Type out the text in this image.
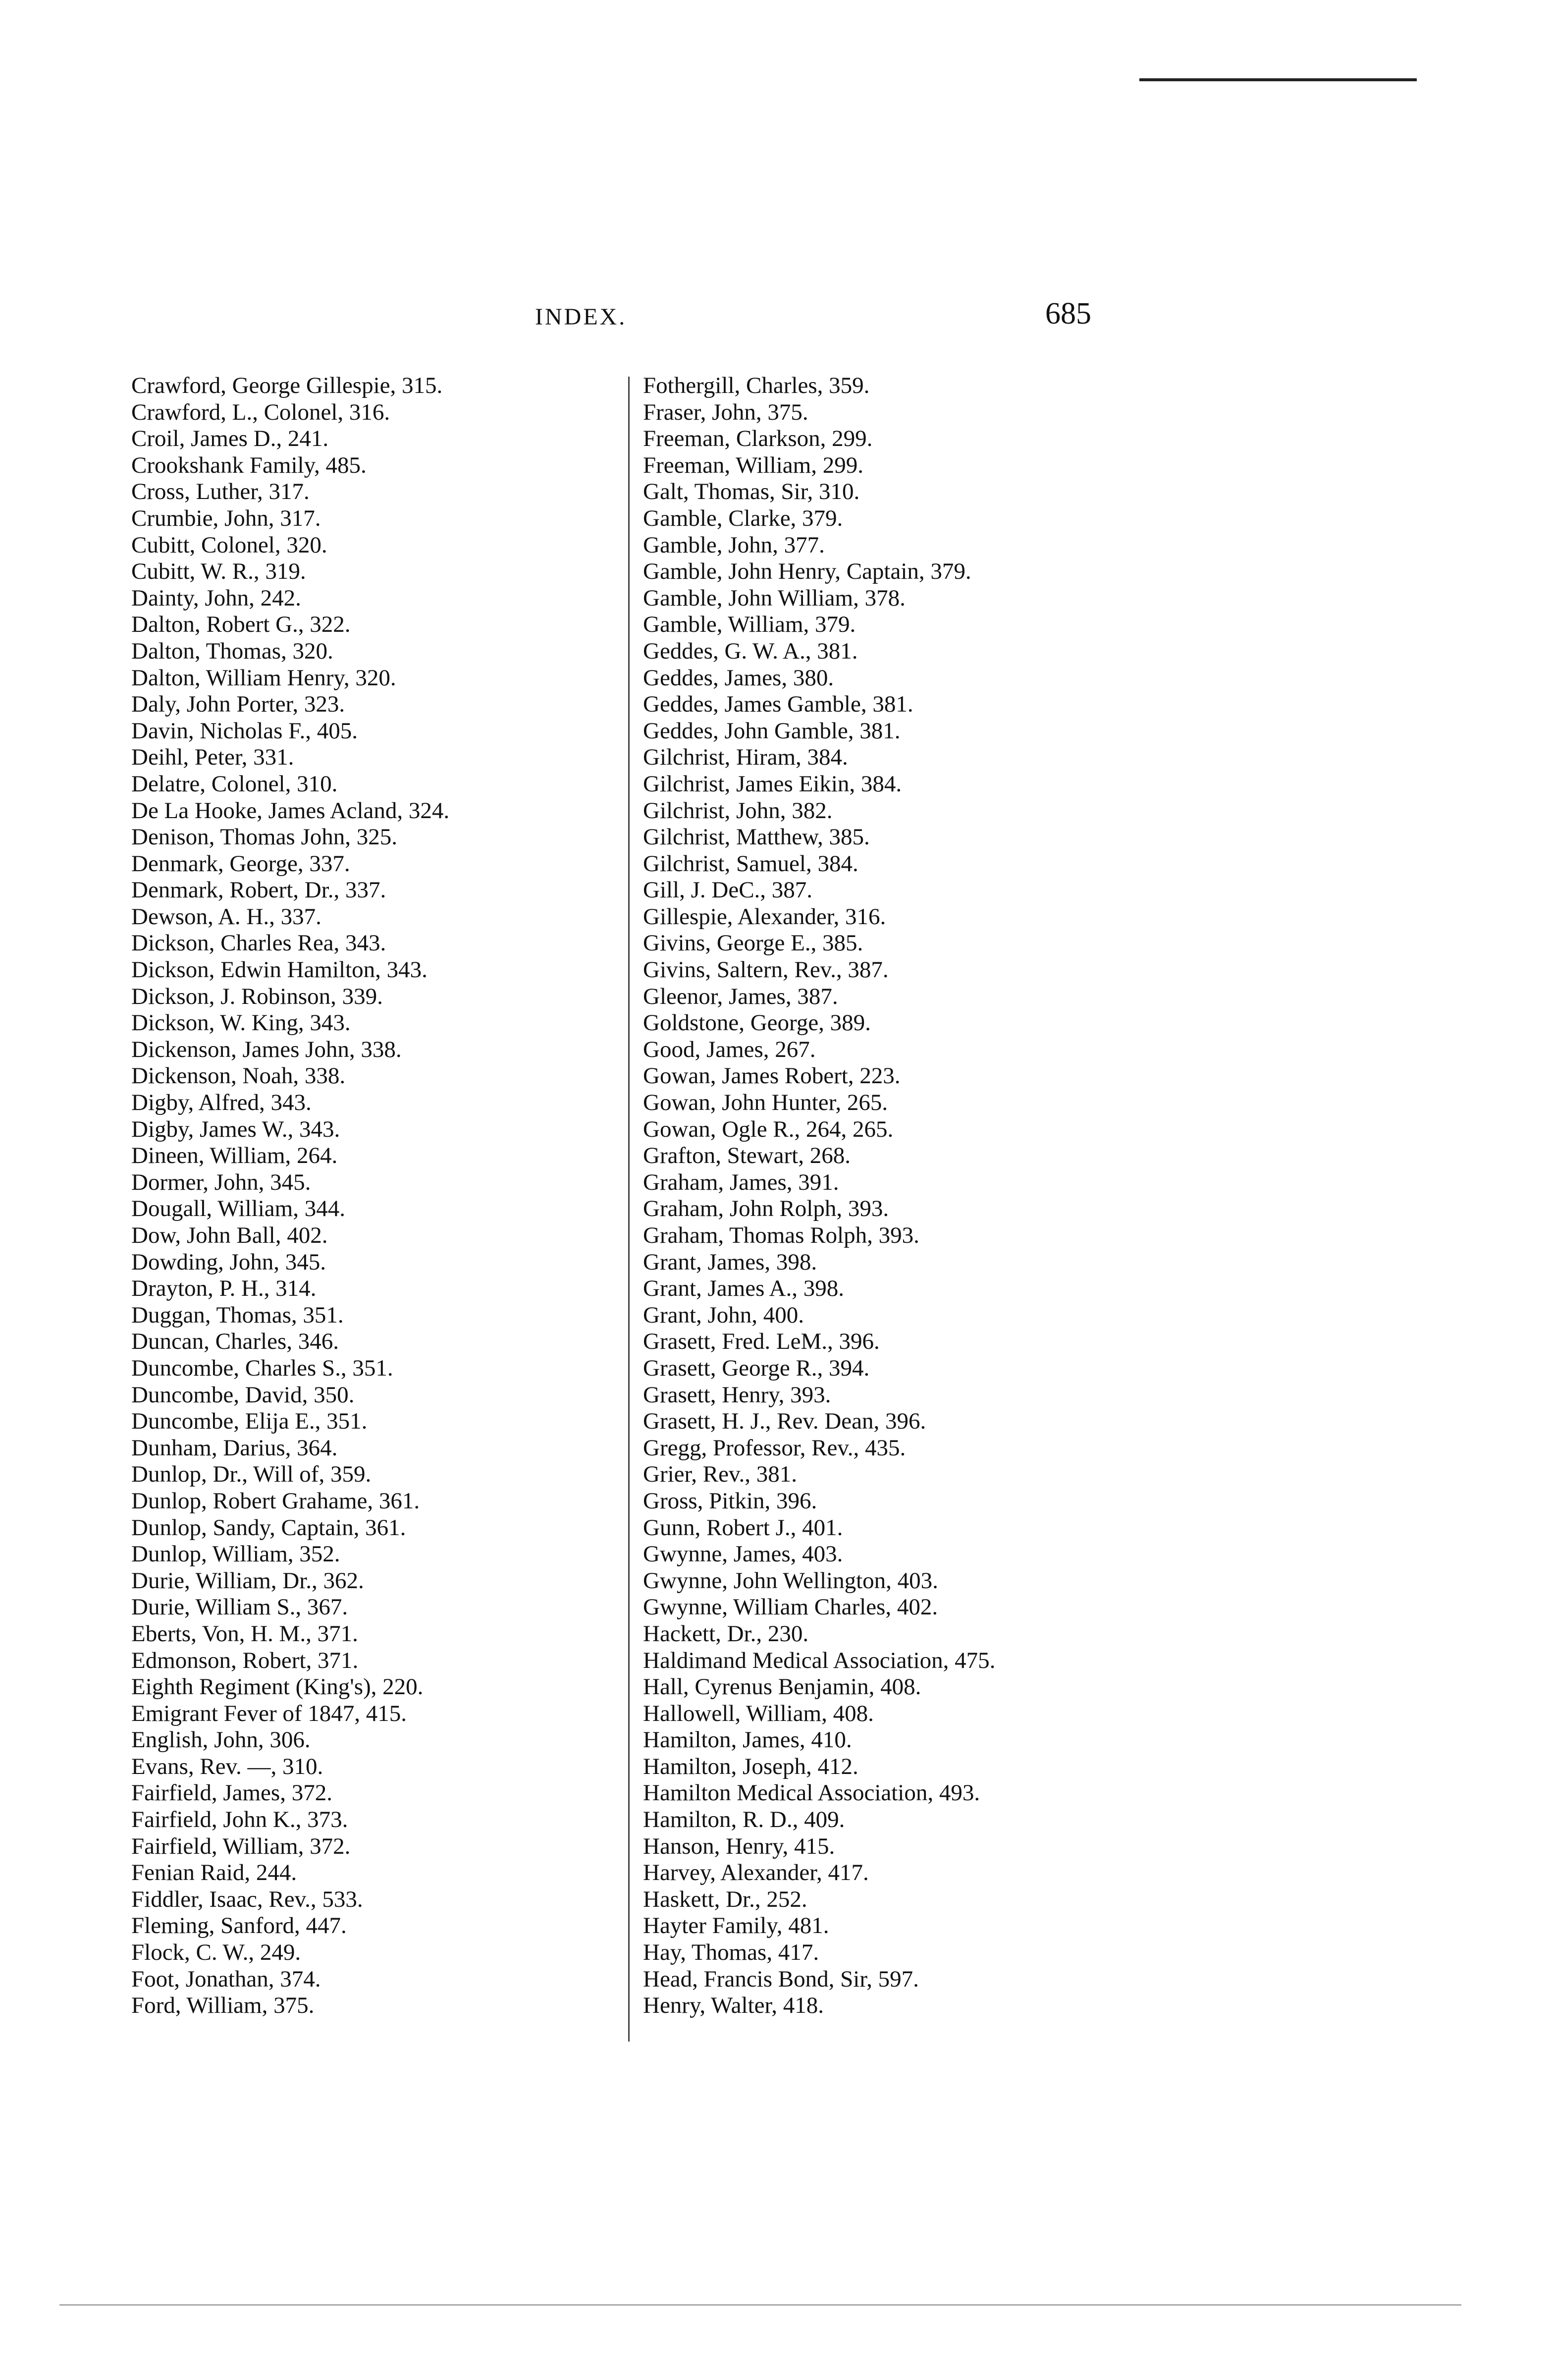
INDEX.	685
Crawford, George Gillespie, 315.
Crawford, L., Colonel, 316.
Croil, James D., 241.
Crookshank Family, 485.
Cross, Luther, 317.
Crumbie, John, 317.
Cubitt, Colonel, 320.
Cubitt, W. R., 319.
Dainty, John, 242.
Dalton, Robert G., 322.
Dalton, Thomas, 320.
Dalton, William Henry, 320.
Daly, John Porter, 323.
Davin, Nicholas F., 405.
Deihl, Peter, 331.
Delatre, Colonel, 310.
De La Hooke, James Acland, 324.
Denison, Thomas John, 325.
Denmark, George, 337.
Denmark, Robert, Dr., 337.
Dewson, A. H., 337.
Dickson, Charles Rea, 343.
Dickson, Edwin Hamilton, 343.
Dickson, J. Robinson, 339.
Dickson, W. King, 343.
Dickenson, James John, 338.
Dickenson, Noah, 338.
Digby, Alfred, 343.
Digby, James W., 343.
Dineen, William, 264.
Dormer, John, 345.
Dougall, William, 344.
Dow, John Ball, 402.
Dowding, John, 345.
Drayton, P. H., 314.
Duggan, Thomas, 351.
Duncan, Charles, 346.
Duncombe, Charles S., 351.
Duncombe, David, 350.
Duncombe, Elija E., 351.
Dunham, Darius, 364.
Dunlop, Dr., Will of, 359.
Dunlop, Robert Grahame, 361.
Dunlop, Sandy, Captain, 361.
Dunlop, William, 352.
Durie, William, Dr., 362.
Durie, William S., 367.
Eberts, Von, H. M., 371.
Edmonson, Robert, 371.
Eighth Regiment (King's), 220.
Emigrant Fever of 1847, 415.
English, John, 306.
Evans, Rev. —, 310.
Fairfield, James, 372.
Fairfield, John K., 373.
Fairfield, William, 372.
Fenian Raid, 244.
Fiddler, Isaac, Rev., 533.
Fleming, Sanford, 447.
Flock, C. W., 249.
Foot, Jonathan, 374.
Ford, William, 375.
Fothergill, Charles, 359.
Fraser, John, 375.
Freeman, Clarkson, 299.
Freeman, William, 299.
Galt, Thomas, Sir, 310.
Gamble, Clarke, 379.
Gamble, John, 377.
Gamble, John Henry, Captain, 379.
Gamble, John William, 378.
Gamble, William, 379.
Geddes, G. W. A., 381.
Geddes, James, 380.
Geddes, James Gamble, 381.
Geddes, John Gamble, 381.
Gilchrist, Hiram, 384.
Gilchrist, James Eikin, 384.
Gilchrist, John, 382.
Gilchrist, Matthew, 385.
Gilchrist, Samuel, 384.
Gill, J. DeC., 387.
Gillespie, Alexander, 316.
Givins, George E., 385.
Givins, Saltern, Rev., 387.
Gleenor, James, 387.
Goldstone, George, 389.
Good, James, 267.
Gowan, James Robert, 223.
Gowan, John Hunter, 265.
Gowan, Ogle R., 264, 265.
Grafton, Stewart, 268.
Graham, James, 391.
Graham, John Rolph, 393.
Graham, Thomas Rolph, 393.
Grant, James, 398.
Grant, James A., 398.
Grant, John, 400.
Grasett, Fred. LeM., 396.
Grasett, George R., 394.
Grasett, Henry, 393.
Grasett, H. J., Rev. Dean, 396.
Gregg, Professor, Rev., 435.
Grier, Rev., 381.
Gross, Pitkin, 396.
Gunn, Robert J., 401.
Gwynne, James, 403.
Gwynne, John Wellington, 403.
Gwynne, William Charles, 402.
Hackett, Dr., 230.
Haldimand Medical Association, 475.
Hall, Cyrenus Benjamin, 408.
Hallowell, William, 408.
Hamilton, James, 410.
Hamilton, Joseph, 412.
Hamilton Medical Association, 493.
Hamilton, R. D., 409.
Hanson, Henry, 415.
Harvey, Alexander, 417.
Haskett, Dr., 252.
Hayter Family, 481.
Hay, Thomas, 417.
Head, Francis Bond, Sir, 597.
Henry, Walter, 418.
